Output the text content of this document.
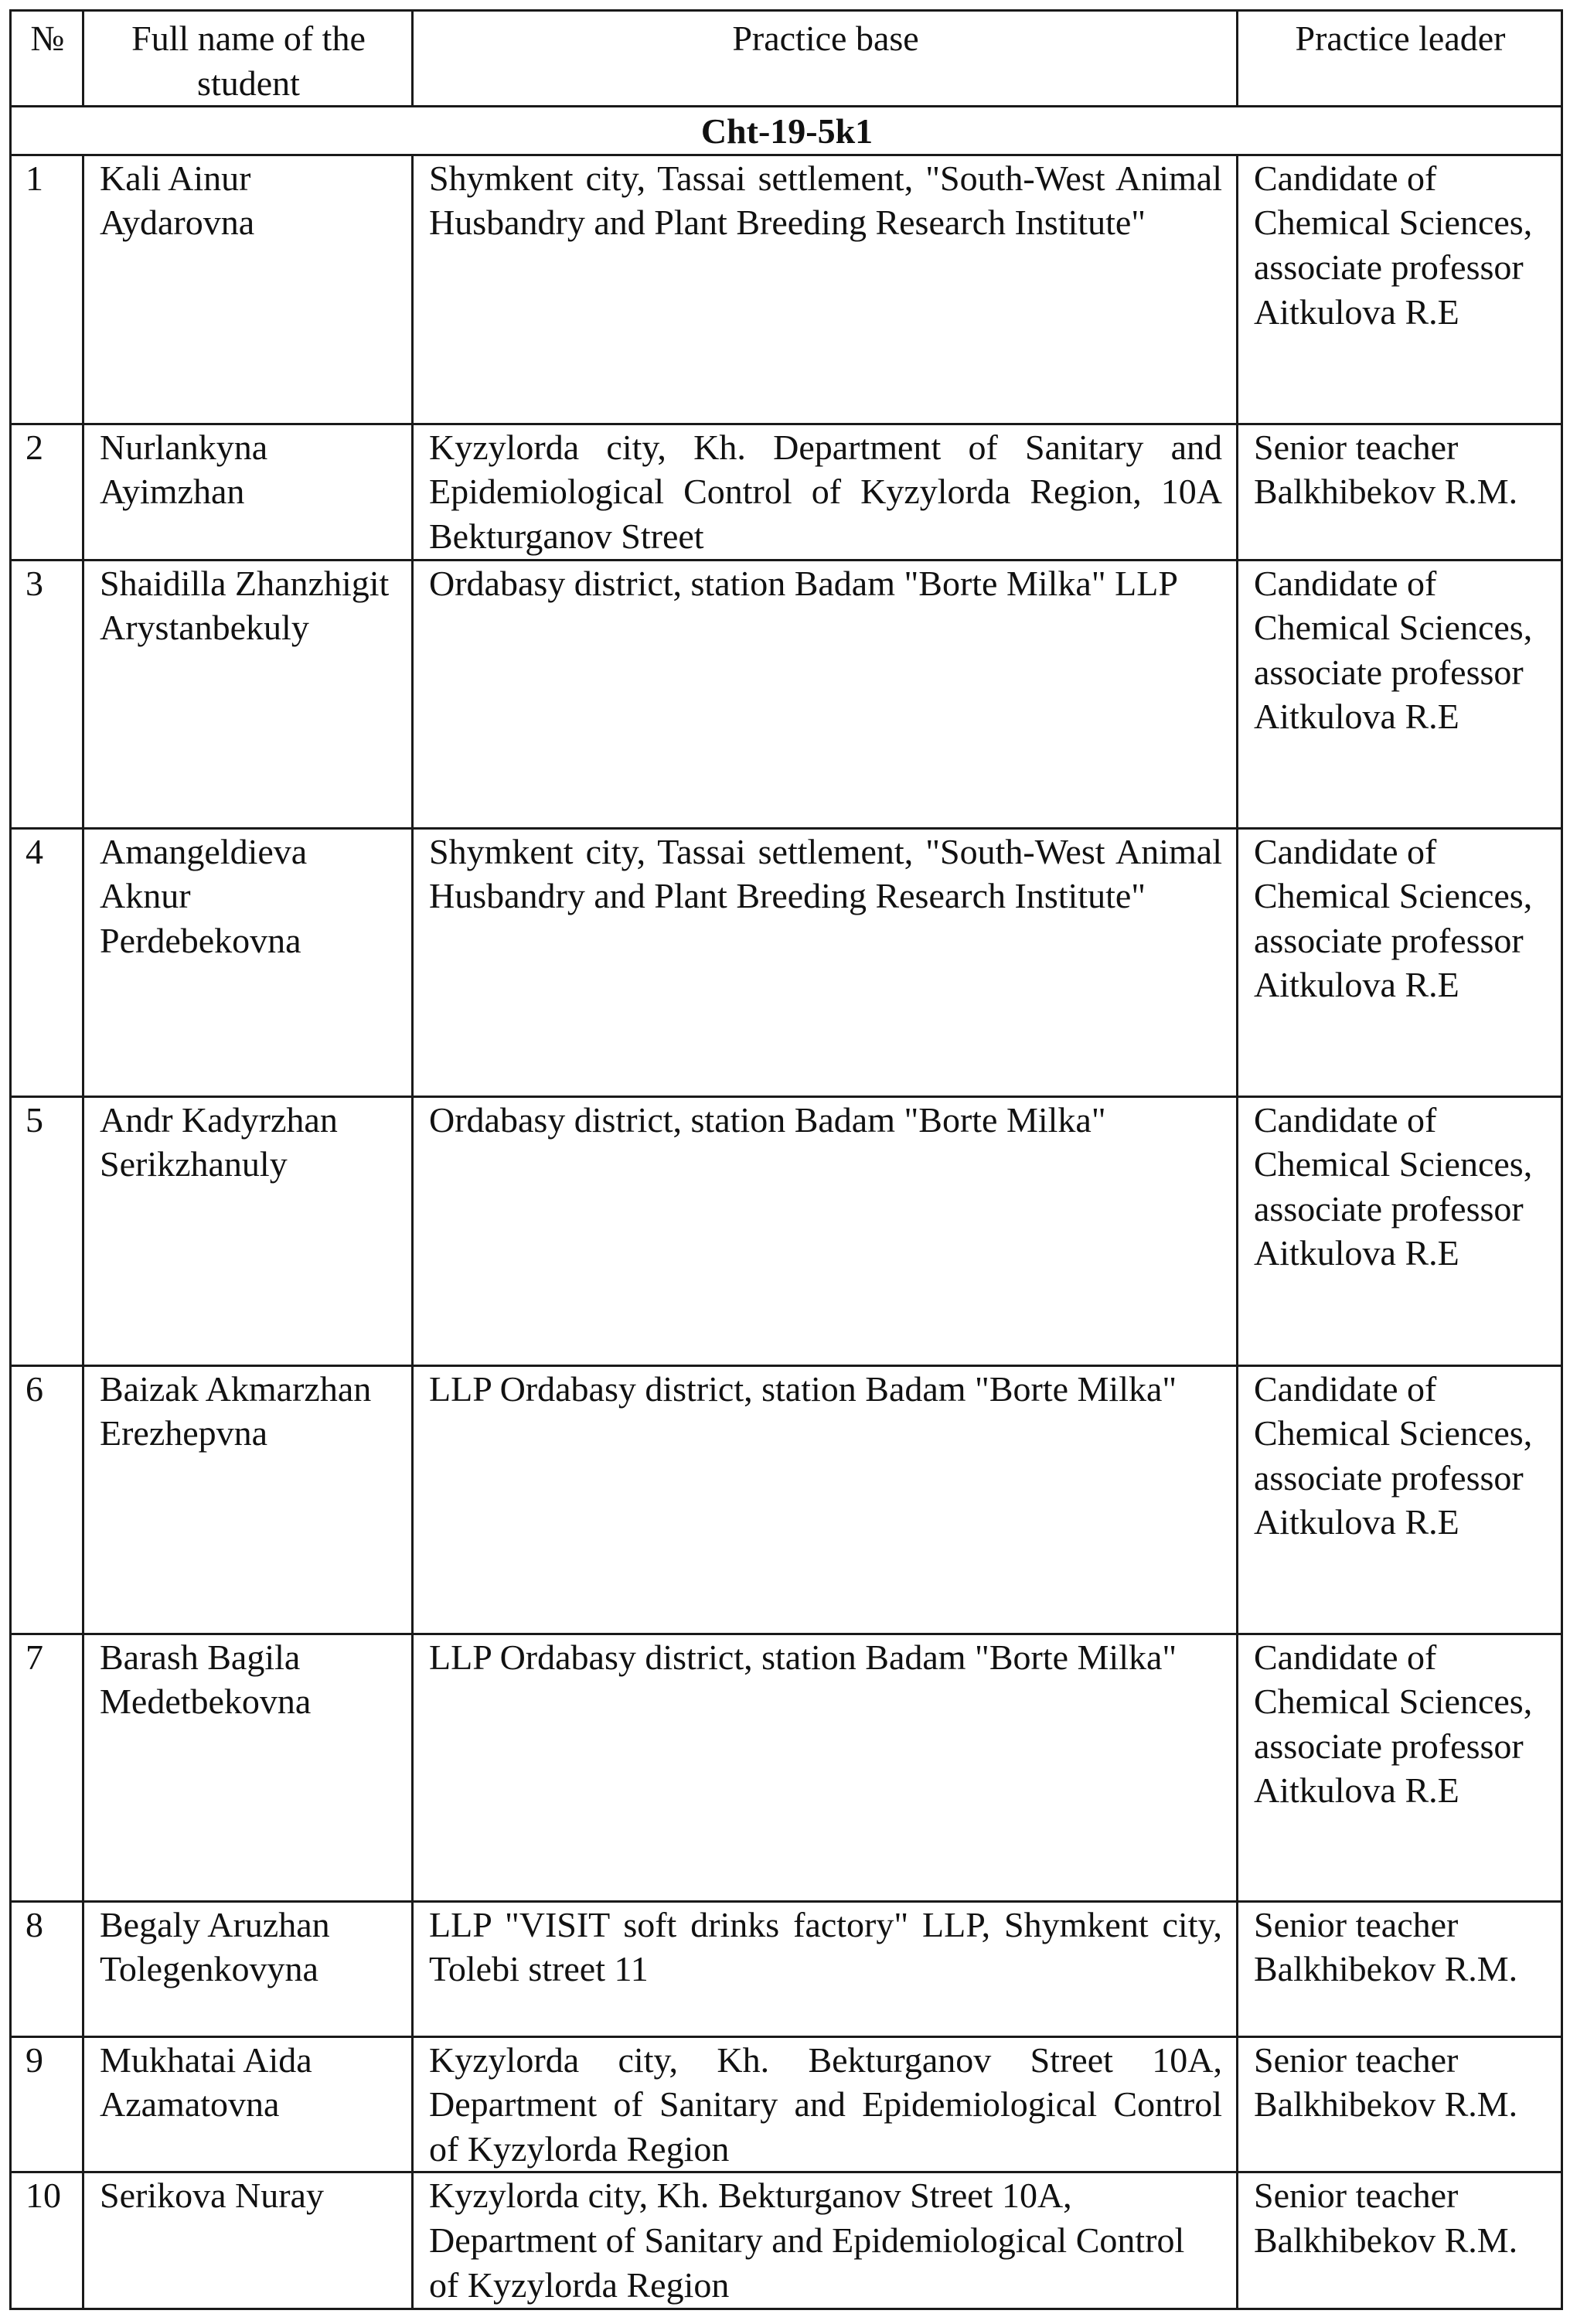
№	Full name of the student	Practice base	Practice leader
Cht-19-5k1			
1	Kali Ainur Aydarovna	Shymkent city, Tassai settlement, "South-West Animal Husbandry and Plant Breeding Research Institute"	Candidate of Chemical Sciences, associate professor Aitkulova R.E
2	Nurlankyna Ayimzhan	Kyzylorda city, Kh. Department of Sanitary and Epidemiological Control of Kyzylorda Region, 10A Bekturganov Street	Senior teacher Balkhibekov R.M.
3	Shaidilla Zhanzhigit Arystanbekuly	Ordabasy district, station Badam "Borte Milka" LLP	Candidate of Chemical Sciences, associate professor Aitkulova R.E
4	Amangeldieva Aknur Perdebekovna	Shymkent city, Tassai settlement, "South-West Animal Husbandry and Plant Breeding Research Institute"	Candidate of Chemical Sciences, associate professor Aitkulova R.E
5	Andr Kadyrzhan Serikzhanuly	Ordabasy district, station Badam "Borte Milka"	Candidate of Chemical Sciences, associate professor Aitkulova R.E
6	Baizak Akmarzhan Erezhepvna	LLP Ordabasy district, station Badam "Borte Milka"	Candidate of Chemical Sciences, associate professor Aitkulova R.E
7	Barash Bagila Medetbekovna	LLP Ordabasy district, station Badam "Borte Milka"	Candidate of Chemical Sciences, associate professor Aitkulova R.E
8	Begaly Aruzhan Tolegenkovyna	LLP "VISIT soft drinks factory" LLP, Shymkent city, Tolebi street 11	Senior teacher Balkhibekov R.M.
9	Mukhatai Aida Azamatovna	Kyzylorda city, Kh. Bekturganov Street 10A, Department of Sanitary and Epidemiological Control of Kyzylorda Region	Senior teacher Balkhibekov R.M.
10	Serikova Nuray	Kyzylorda city, Kh. Bekturganov Street 10A, Department of Sanitary and Epidemiological Control of Kyzylorda Region	Senior teacher Balkhibekov R.M.
